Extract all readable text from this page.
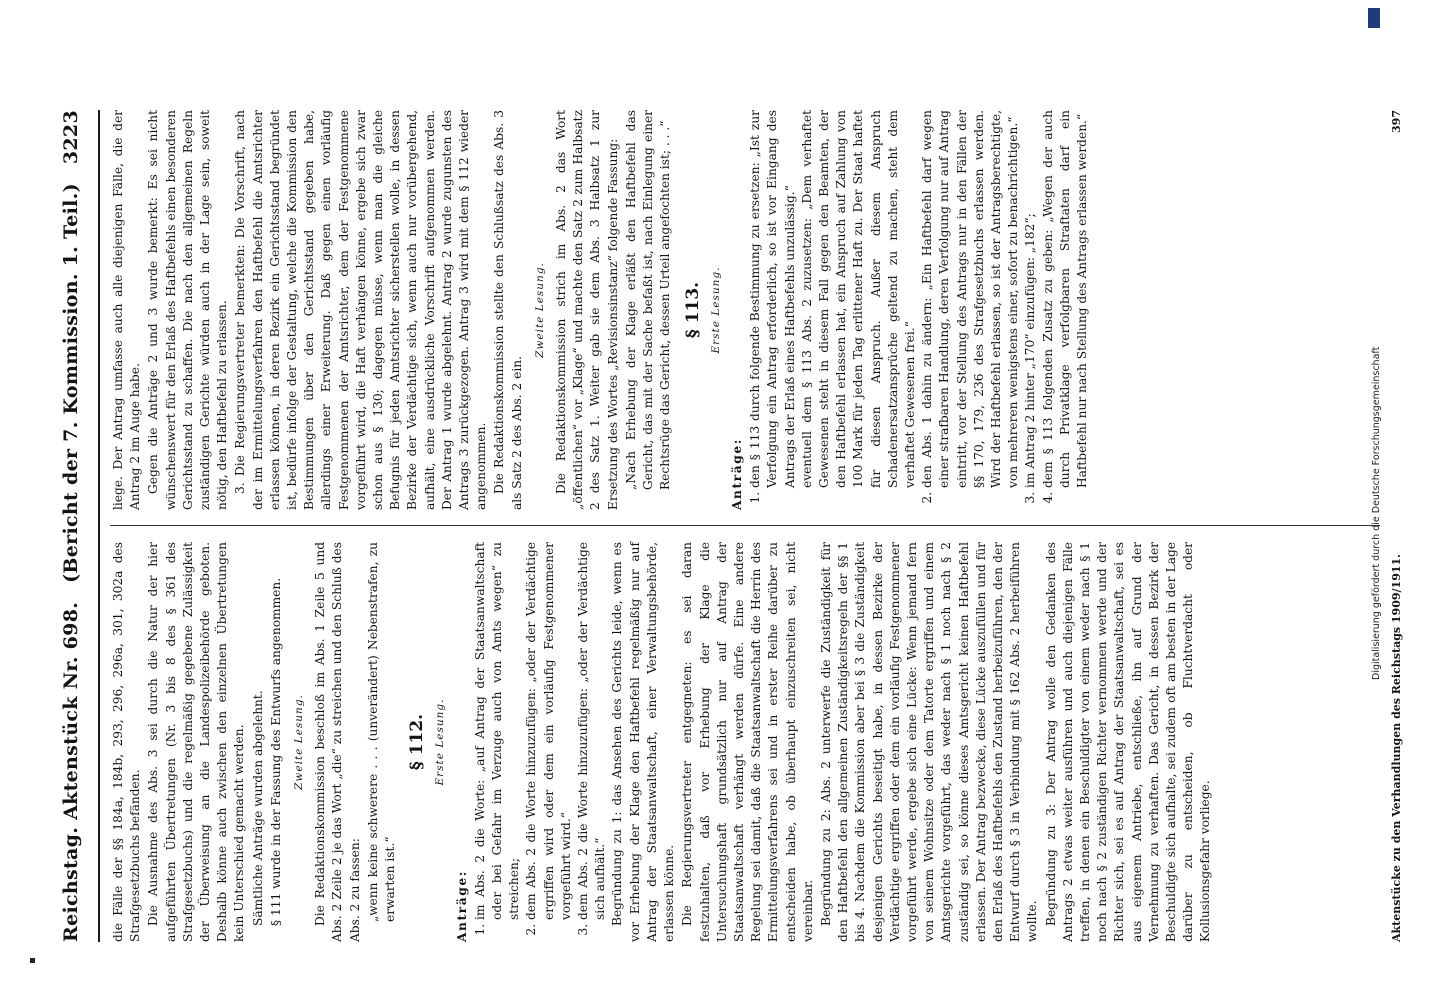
Reichstag. Aktenstück Nr. 698.
(Bericht der 7. Kommission. 1. Teil.)
3223

die Fälle der §§ 184a, 184b, 293, 296, 296a, 301, 302a des Strafgesetzbuchs befänden. Die Ausnahme des Abs. 3 sei durch die Natur der hier aufgeführten Übertretungen (Nr. 3 bis 8 des § 361 des Strafgesetzbuchs) und die regelmäßig gegebene Zulässigkeit der Überweisung an die Landespolizeibehörde geboten. Deshalb könne auch zwischen den einzelnen Übertretungen kein Unterschied gemacht werden. Sämtliche Anträge wurden abgelehnt. § 111 wurde in der Fassung des Entwurfs angenommen. Zweite Lesung. Die Redaktionskommission beschloß im Abs. 1 Zeile 5 und Abs. 2 Zeile 2 je das Wort „die“ zu streichen und den Schluß des Abs. 2 zu fassen: „wenn keine schwerere . . . (unverändert) Nebenstrafen, zu erwarten ist.“

§ 112. Erste Lesung.

Anträge: 1. im Abs. 2 die Worte: „auf Antrag der Staatsanwaltschaft oder bei Gefahr im Verzuge auch von Amts wegen“ zu streichen; 2. dem Abs. 2 die Worte hinzuzufügen: „oder der Verdächtige ergriffen wird oder dem ein vorläufig Festgenommener vorgeführt wird.“ 3. dem Abs. 2 die Worte hinzuzufügen: „oder der Verdächtige sich aufhält.“ Begründung zu 1: das Ansehen des Gerichts leide, wenn es vor Erhebung der Klage den Haftbefehl regelmäßig nur auf Antrag der Staatsanwaltschaft, einer Verwaltungsbehörde, erlassen könne. Die Regierungsvertreter entgegneten: es sei daran festzuhalten, daß vor Erhebung der Klage die Untersuchungshaft grundsätzlich nur auf Antrag der Staatsanwaltschaft verhängt werden dürfe. Eine andere Regelung sei damit, daß die Staatsanwaltschaft die Herrin des Ermittelungsverfahrens sei und in erster Reihe darüber zu entscheiden habe, ob überhaupt einzuschreiten sei, nicht vereinbar. Begründung zu 2: Abs. 2 unterwerfe die Zuständigkeit für den Haftbefehl den allgemeinen Zuständigkeitsregeln der §§ 1 bis 4. Nachdem die Kommission aber bei § 3 die Zuständigkeit desjenigen Gerichts beseitigt habe, in dessen Bezirke der Verdächtige ergriffen oder dem ein vorläufig Festgenommener vorgeführt werde, ergebe sich eine Lücke: Wenn jemand fern von seinem Wohnsitze oder dem Tatorte ergriffen und einem Amtsgerichte vorgeführt, das weder nach § 1 noch nach § 2 zuständig sei, so könne dieses Amtsgericht keinen Haftbefehl erlassen. Der Antrag bezwecke, diese Lücke auszufüllen und für den Erlaß des Haftbefehls den Zustand herbeizuführen, den der Entwurf durch § 3 in Verbindung mit § 162 Abs. 2 herbeiführen wollte. Begründung zu 3: Der Antrag wolle den Gedanken des Antrags 2 etwas weiter ausführen und auch diejenigen Fälle treffen, in denen ein Beschuldigter von einem weder nach § 1 noch nach § 2 zuständigen Richter vernommen werde und der Richter sich, sei es auf Antrag der Staatsanwaltschaft, sei es aus eigenem Antriebe, entschließe, ihn auf Grund der Vernehmung zu verhaften. Das Gericht, in dessen Bezirk der Beschuldigte sich aufhalte, sei zudem oft am besten in der Lage darüber zu entscheiden, ob Fluchtverdacht oder Kollusionsgefahr vorliege.

liege. Der Antrag umfasse auch alle diejenigen Fälle, die der Antrag 2 im Auge habe. Gegen die Anträge 2 und 3 wurde bemerkt: Es sei nicht wünschenswert für den Erlaß des Haftbefehls einen besonderen Gerichtsstand zu schaffen. Die nach den allgemeinen Regeln zuständigen Gerichte würden auch in der Lage sein, soweit nötig, den Haftbefehl zu erlassen. 3. Die Regierungsvertreter bemerkten: Die Vorschrift, nach der im Ermittelungsverfahren den Haftbefehl die Amtsrichter erlassen können, in deren Bezirk ein Gerichtsstand begründet ist, bedürfe infolge der Gestaltung, welche die Kommission den Bestimmungen über den Gerichtsstand gegeben habe, allerdings einer Erweiterung. Daß gegen einen vorläufig Festgenommenen der Amtsrichter, dem der Festgenommene vorgeführt wird, die Haft verhängen könne, ergebe sich zwar schon aus § 130; dagegen müsse, wenn man die gleiche Befugnis für jeden Amtsrichter sicherstellen wolle, in dessen Bezirke der Verdächtige sich, wenn auch nur vorübergehend, aufhält, eine ausdrückliche Vorschrift aufgenommen werden. Der Antrag 1 wurde abgelehnt. Antrag 2 wurde zugunsten des Antrags 3 zurückgezogen. Antrag 3 wird mit dem § 112 wieder angenommen. Die Redaktionskommission stellte den Schlußsatz des Abs. 3 als Satz 2 des Abs. 2 ein.

Zweite Lesung. Die Redaktionskommission strich im Abs. 2 das Wort „öffentlichen“ vor „Klage“ und machte den Satz 2 zum Halbsatz 2 des Satz 1. Weiter gab sie dem Abs. 3 Halbsatz 1 zur Ersetzung des Wortes „Revisionsinstanz“ folgende Fassung: „Nach Erhebung der Klage erläßt den Haftbefehl das Gericht, das mit der Sache befaßt ist, nach Einlegung einer Rechtsrüge das Gericht, dessen Urteil angefochten ist; . . .“ § 113. Erste Lesung.

Anträge: 1. den § 113 durch folgende Bestimmung zu ersetzen: „Ist zur Verfolgung ein Antrag erforderlich, so ist vor Eingang des Antrags der Erlaß eines Haftbefehls unzulässig.“ eventuell dem § 113 Abs. 2 zuzusetzen: „Dem verhaftet Gewesenen steht in diesem Fall gegen den Beamten, der den Haftbefehl erlassen hat, ein Anspruch auf Zahlung von 100 Mark für jeden Tag erlittener Haft zu. Der Staat haftet für diesen Anspruch. Außer diesem Anspruch Schadenersatzansprüche geltend zu machen, steht dem verhaftet Gewesenen frei.“ 2. den Abs. 1 dahin zu ändern: „Ein Haftbefehl darf wegen einer strafbaren Handlung, deren Verfolgung nur auf Antrag eintritt, vor der Stellung des Antrags nur in den Fällen der §§ 170, 179, 236 des Strafgesetzbuchs erlassen werden. Wird der Haftbefehl erlassen, so ist der Antragsberechtigte, von mehreren wenigstens einer, sofort zu benachrichtigen.“ 3. im Antrag 2 hinter „170“ einzufügen: „182“; 4. dem § 113 folgenden Zusatz zu geben: „Wegen der auch durch Privatklage verfolgbaren Straftaten darf ein Haftbefehl nur nach Stellung des Antrags erlassen werden.“
Aktenstücke zu den Verhandlungen des Reichstags 1909/1911.
397
Digitalisierung gefördert durch die Deutsche Forschungsgemeinschaft
